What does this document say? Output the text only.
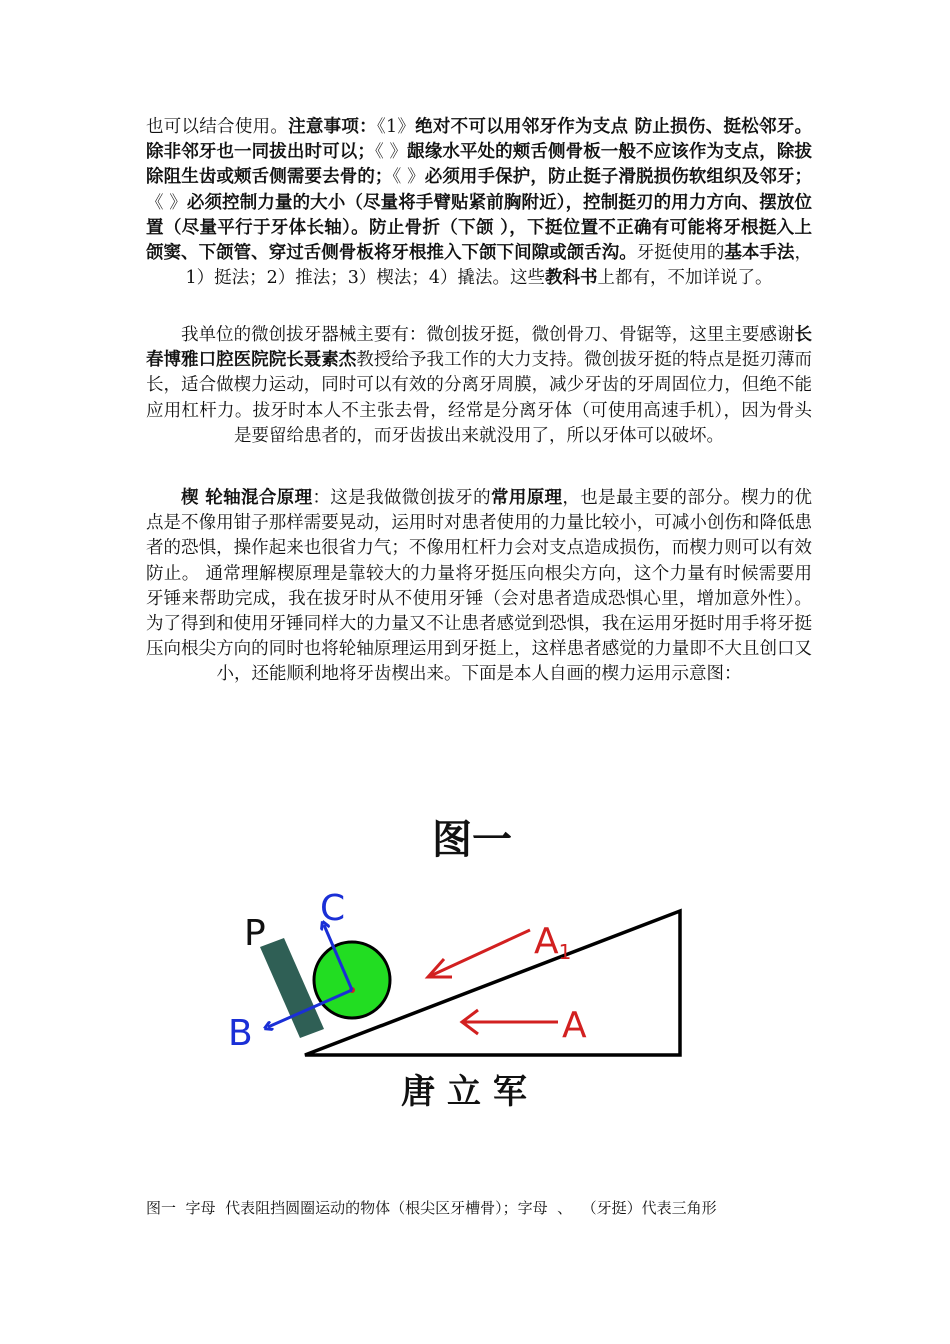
也可以结合使用。注意事项：《1》绝对不可以用邻牙作为支点 防止损伤、挺松邻牙。除非邻牙也一同拔出时可以；《 》龈缘水平处的颊舌侧骨板一般不应该作为支点，除拔除阻生齿或颊舌侧需要去骨的；《 》必须用手保护，防止挺子滑脱损伤软组织及邻牙；《 》必须控制力量的大小（尽量将手臂贴紧前胸附近），控制挺刃的用力方向、摆放位置（尽量平行于牙体长轴）。防止骨折（下颌 ），下挺位置不正确有可能将牙根挺入上颌窦、下颌管、穿过舌侧骨板将牙根推入下颌下间隙或颌舌沟。牙挺使用的基本手法，1）挺法；2）推法；3）楔法；4）撬法。这些教科书上都有，不加详说了。

我单位的微创拔牙器械主要有：微创拔牙挺，微创骨刀、骨锯等，这里主要感谢长春博雅口腔医院院长聂素杰教授给予我工作的大力支持。微创拔牙挺的特点是挺刃薄而长，适合做楔力运动，同时可以有效的分离牙周膜，减少牙齿的牙周固位力，但绝不能应用杠杆力。拔牙时本人不主张去骨，经常是分离牙体（可使用高速手机），因为骨头是要留给患者的，而牙齿拔出来就没用了，所以牙体可以破坏。

楔 轮轴混合原理：这是我做微创拔牙的常用原理，也是最主要的部分。楔力的优点是不像用钳子那样需要晃动，运用时对患者使用的力量比较小，可减小创伤和降低患者的恐惧，操作起来也很省力气；不像用杠杆力会对支点造成损伤，而楔力则可以有效防止。 通常理解楔原理是靠较大的力量将牙挺压向根尖方向，这个力量有时候需要用牙锤来帮助完成，我在拔牙时从不使用牙锤（会对患者造成恐惧心里，增加意外性）。为了得到和使用牙锤同样大的力量又不让患者感觉到恐惧，我在运用牙挺时用手将牙挺压向根尖方向的同时也将轮轴原理运用到牙挺上，这样患者感觉的力量即不大且创口又小，还能顺利地将牙齿楔出来。下面是本人自画的楔力运用示意图：

图一
P
C
B
A1
A
唐 立 军
图一  字母  代表阻挡圆圈运动的物体（根尖区牙槽骨）；字母  、  （牙挺）代表三角形
